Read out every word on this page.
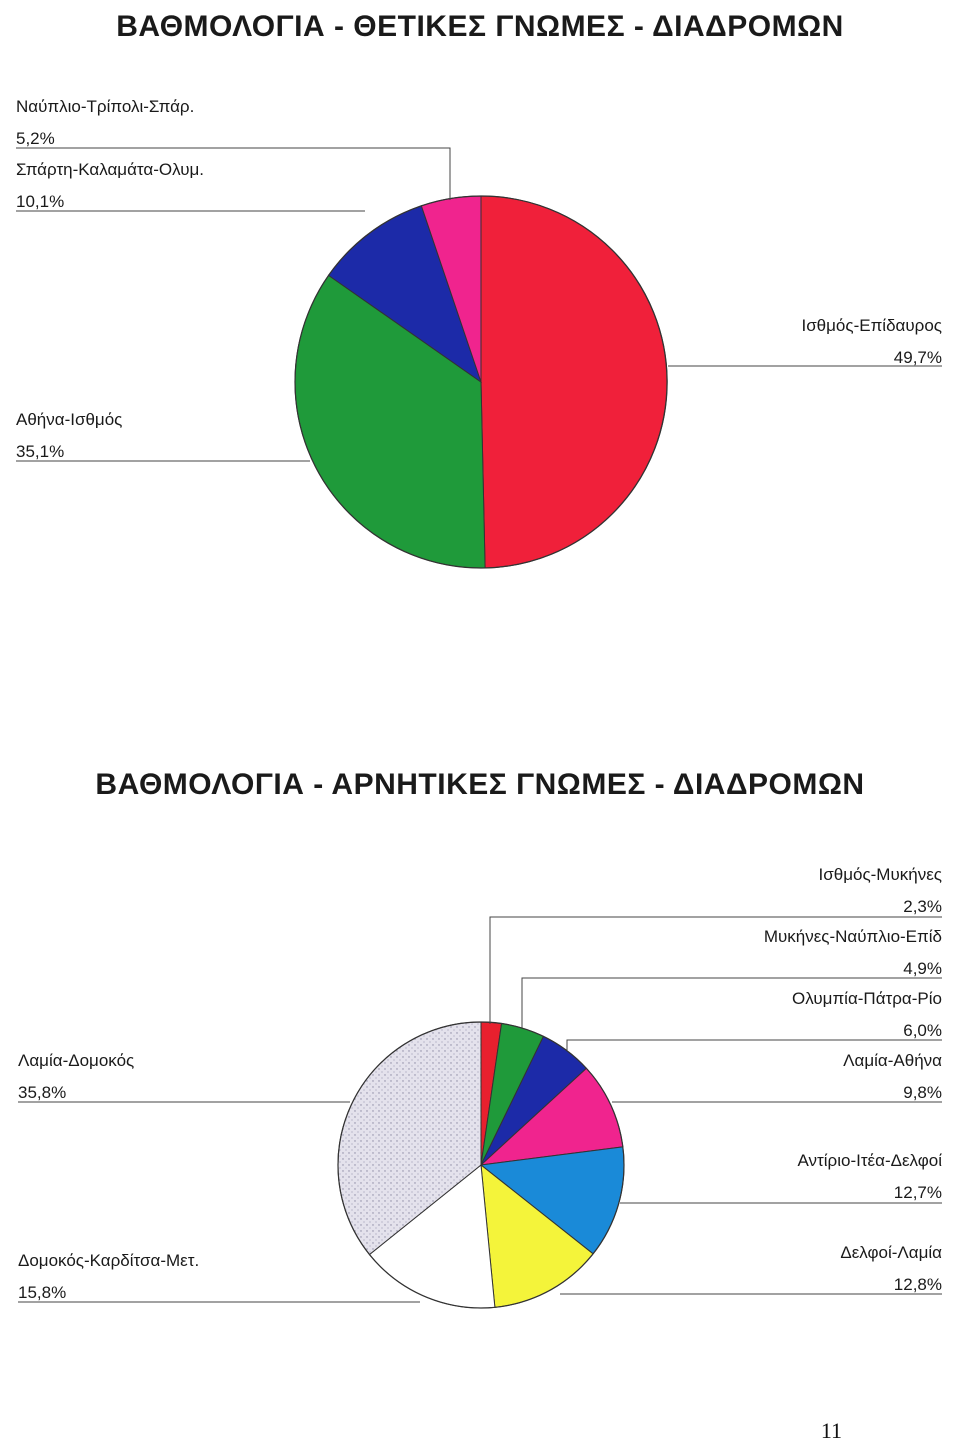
ΒΑΘΜΟΛΟΓΙΑ - ΘΕΤΙΚΕΣ ΓΝΩΜΕΣ - ΔΙΑΔΡΟΜΩΝ
ΒΑΘΜΟΛΟΓΙΑ - ΑΡΝΗΤΙΚΕΣ ΓΝΩΜΕΣ - ΔΙΑΔΡΟΜΩΝ
Ισθμός-Επίδαυρος
49,7%
Αθήνα-Ισθμός
35,1%
Σπάρτη-Καλαμάτα-Ολυμ.
10,1%
Ναύπλιο-Τρίπολι-Σπάρ.
5,2%
Ισθμός-Μυκήνες
2,3%
Μυκήνες-Ναύπλιο-Επίδ
4,9%
Ολυμπία-Πάτρα-Ρίο
6,0%
Λαμία-Αθήνα
9,8%
Αντίριο-Ιτέα-Δελφοί
12,7%
Δελφοί-Λαμία
12,8%
Δομοκός-Καρδίτσα-Μετ.
15,8%
Λαμία-Δομοκός
35,8%
11
